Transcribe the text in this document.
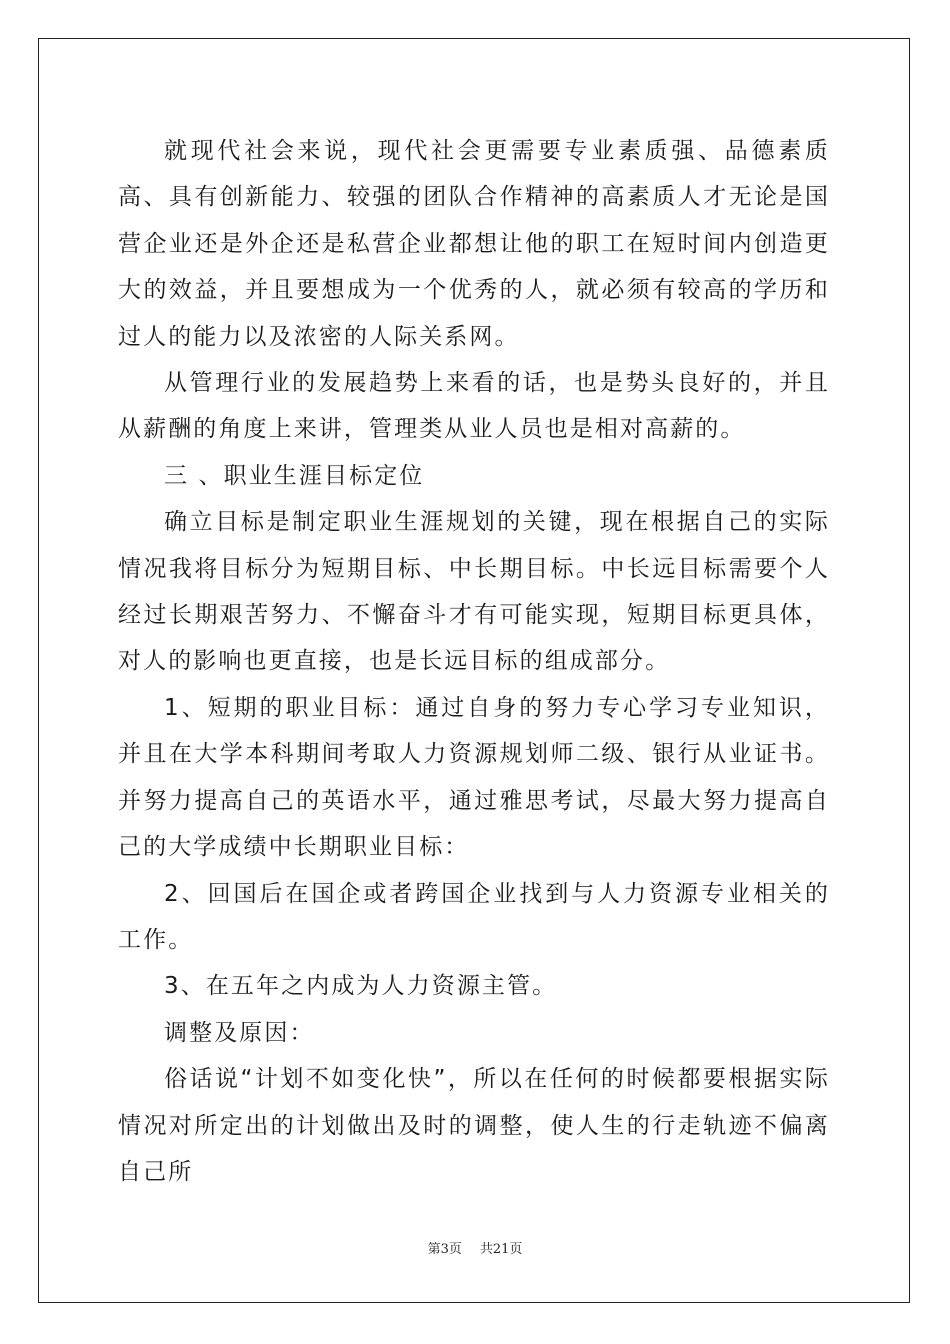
就现代社会来说，现代社会更需要专业素质强、品德素质高、具有创新能力、较强的团队合作精神的高素质人才无论是国营企业还是外企还是私营企业都想让他的职工在短时间内创造更大的效益，并且要想成为一个优秀的人，就必须有较高的学历和过人的能力以及浓密的人际关系网。

从管理行业的发展趋势上来看的话，也是势头良好的，并且从薪酬的角度上来讲，管理类从业人员也是相对高薪的。

三 、职业生涯目标定位

确立目标是制定职业生涯规划的关键，现在根据自己的实际情况我将目标分为短期目标、中长期目标。中长远目标需要个人经过长期艰苦努力、不懈奋斗才有可能实现，短期目标更具体，对人的影响也更直接，也是长远目标的组成部分。

1、短期的职业目标：通过自身的努力专心学习专业知识，并且在大学本科期间考取人力资源规划师二级、银行从业证书。并努力提高自己的英语水平，通过雅思考试，尽最大努力提高自己的大学成绩中长期职业目标：

2、回国后在国企或者跨国企业找到与人力资源专业相关的工作。

3、在五年之内成为人力资源主管。

调整及原因：

俗话说“计划不如变化快”，所以在任何的时候都要根据实际情况对所定出的计划做出及时的调整，使人生的行走轨迹不偏离自己所

第3页 共21页
